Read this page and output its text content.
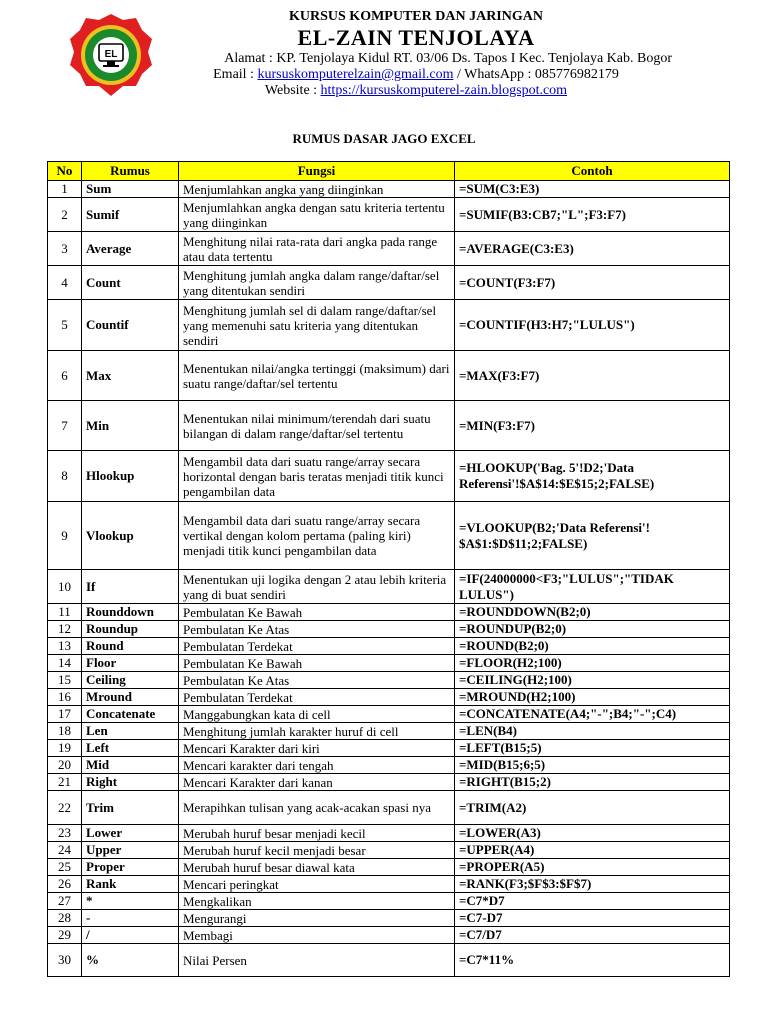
EL
KURSUS KOMPUTER DAN JARINGAN
EL-ZAIN TENJOLAYA
Alamat : KP. Tenjolaya Kidul RT. 03/06 Ds. Tapos I Kec. Tenjolaya Kab. Bogor
Email : kursuskomputerelzain@gmail.com / WhatsApp : 085776982179
Website : https://kursuskomputerel-zain.blogspot.com
RUMUS DASAR JAGO EXCEL
No	Rumus	Fungsi	Contoh
1	Sum	Menjumlahkan angka yang diinginkan	=SUM(C3:E3)
2	Sumif	Menjumlahkan angka dengan satu kriteria tertentu yang diinginkan	=SUMIF(B3:CB7;"L";F3:F7)
3	Average	Menghitung nilai rata-rata dari angka pada range atau data tertentu	=AVERAGE(C3:E3)
4	Count	Menghitung jumlah angka dalam range/daftar/sel yang ditentukan sendiri	=COUNT(F3:F7)
5	Countif	Menghitung jumlah sel di dalam range/daftar/sel yang memenuhi satu kriteria yang ditentukan sendiri	=COUNTIF(H3:H7;"LULUS")
6	Max	Menentukan nilai/angka tertinggi (maksimum) dari suatu range/daftar/sel tertentu	=MAX(F3:F7)
7	Min	Menentukan nilai minimum/terendah dari suatu bilangan di dalam range/daftar/sel tertentu	=MIN(F3:F7)
8	Hlookup	Mengambil data dari suatu range/array secara horizontal dengan baris teratas menjadi titik kunci pengambilan data	=HLOOKUP('Bag. 5'!D2;'Data Referensi'!$A$14:$E$15;2;FALSE)
9	Vlookup	Mengambil data dari suatu range/array secara vertikal dengan kolom pertama (paling kiri) menjadi titik kunci pengambilan data	=VLOOKUP(B2;'Data Referensi'! $A$1:$D$11;2;FALSE)
10	If	Menentukan uji logika dengan 2 atau lebih kriteria yang di buat sendiri	=IF(24000000<F3;"LULUS";"TIDAK LULUS")
11	Rounddown	Pembulatan Ke Bawah	=ROUNDDOWN(B2;0)
12	Roundup	Pembulatan Ke Atas	=ROUNDUP(B2;0)
13	Round	Pembulatan Terdekat	=ROUND(B2;0)
14	Floor	Pembulatan Ke Bawah	=FLOOR(H2;100)
15	Ceiling	Pembulatan Ke Atas	=CEILING(H2;100)
16	Mround	Pembulatan Terdekat	=MROUND(H2;100)
17	Concatenate	Manggabungkan kata di cell	=CONCATENATE(A4;"-";B4;"-";C4)
18	Len	Menghitung jumlah karakter huruf di cell	=LEN(B4)
19	Left	Mencari Karakter dari kiri	=LEFT(B15;5)
20	Mid	Mencari karakter dari tengah	=MID(B15;6;5)
21	Right	Mencari Karakter dari kanan	=RIGHT(B15;2)
22	Trim	Merapihkan tulisan yang acak-acakan spasi nya	=TRIM(A2)
23	Lower	Merubah huruf besar menjadi kecil	=LOWER(A3)
24	Upper	Merubah huruf kecil menjadi besar	=UPPER(A4)
25	Proper	Merubah huruf besar diawal kata	=PROPER(A5)
26	Rank	Mencari peringkat	=RANK(F3;$F$3:$F$7)
27	*	Mengkalikan	=C7*D7
28	-	Mengurangi	=C7-D7
29	/	Membagi	=C7/D7
30	%	Nilai Persen	=C7*11%
